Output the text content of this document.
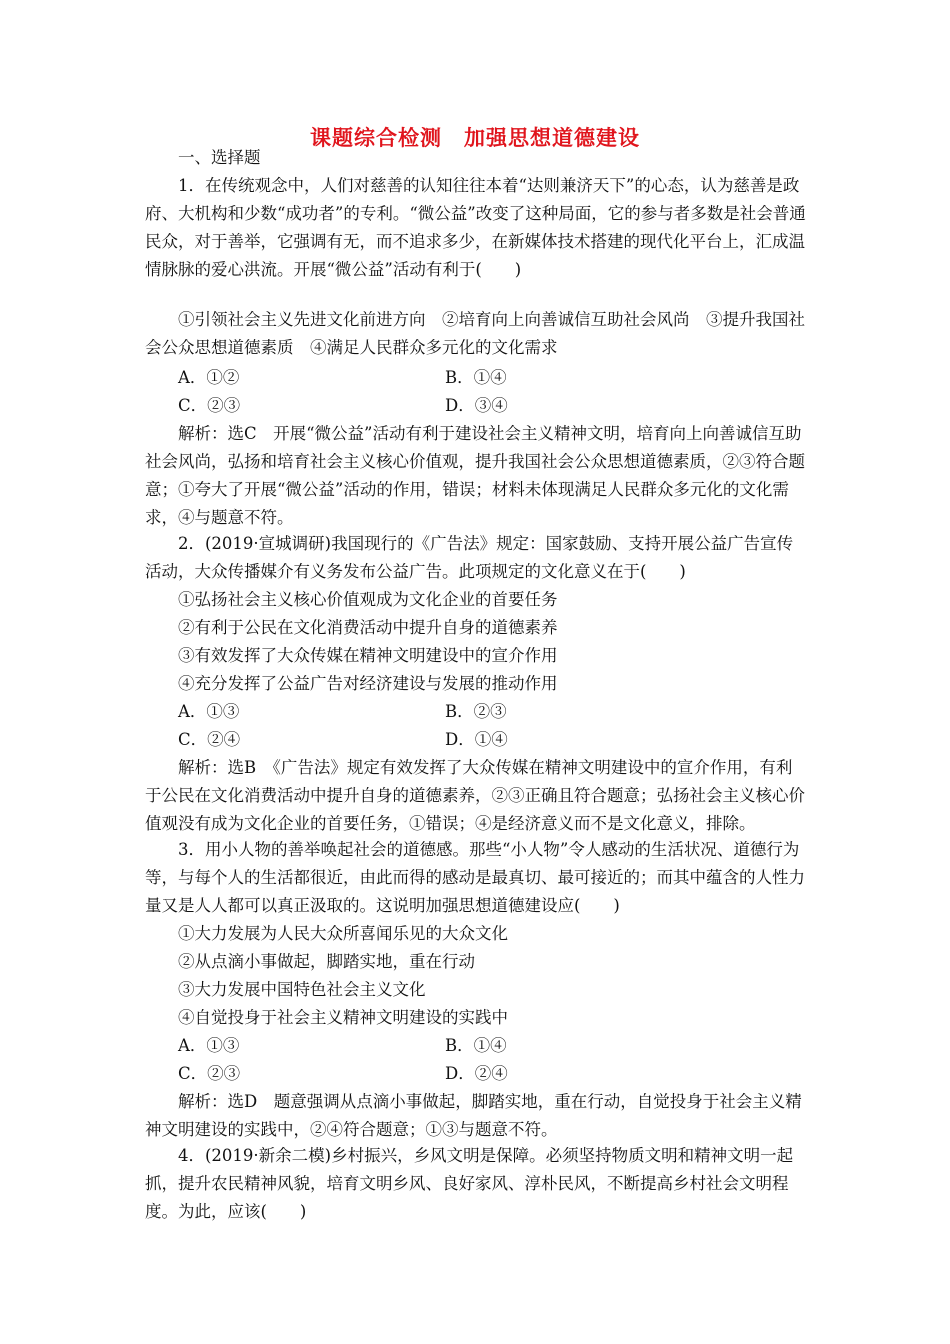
课题综合检测　加强思想道德建设
一、选择题
1．在传统观念中，人们对慈善的认知往往本着“达则兼济天下”的心态，认为慈善是政府、大机构和少数“成功者”的专利。“微公益”改变了这种局面，它的参与者多数是社会普通民众，对于善举，它强调有无，而不追求多少，在新媒体技术搭建的现代化平台上，汇成温情脉脉的爱心洪流。开展“微公益”活动有利于(　　)
①引领社会主义先进文化前进方向　②培育向上向善诚信互助社会风尚　③提升我国社会公众思想道德素质　④满足人民群众多元化的文化需求
A．①②	B．①④
C．②③	D．③④
解析：选C　开展“微公益”活动有利于建设社会主义精神文明，培育向上向善诚信互助社会风尚，弘扬和培育社会主义核心价值观，提升我国社会公众思想道德素质，②③符合题意；①夸大了开展“微公益”活动的作用，错误；材料未体现满足人民群众多元化的文化需求，④与题意不符。
2．(2019·宣城调研)我国现行的《广告法》规定：国家鼓励、支持开展公益广告宣传活动，大众传播媒介有义务发布公益广告。此项规定的文化意义在于(　　)
①弘扬社会主义核心价值观成为文化企业的首要任务
②有利于公民在文化消费活动中提升自身的道德素养
③有效发挥了大众传媒在精神文明建设中的宣介作用
④充分发挥了公益广告对经济建设与发展的推动作用
A．①③	B．②③
C．②④	D．①④
解析：选B　《广告法》规定有效发挥了大众传媒在精神文明建设中的宣介作用，有利于公民在文化消费活动中提升自身的道德素养，②③正确且符合题意；弘扬社会主义核心价值观没有成为文化企业的首要任务，①错误；④是经济意义而不是文化意义，排除。
3．用小人物的善举唤起社会的道德感。那些“小人物”令人感动的生活状况、道德行为等，与每个人的生活都很近，由此而得的感动是最真切、最可接近的；而其中蕴含的人性力量又是人人都可以真正汲取的。这说明加强思想道德建设应(　　)
①大力发展为人民大众所喜闻乐见的大众文化
②从点滴小事做起，脚踏实地，重在行动
③大力发展中国特色社会主义文化
④自觉投身于社会主义精神文明建设的实践中
A．①③	B．①④
C．②③	D．②④
解析：选D　题意强调从点滴小事做起，脚踏实地，重在行动，自觉投身于社会主义精神文明建设的实践中，②④符合题意；①③与题意不符。
4．(2019·新余二模)乡村振兴，乡风文明是保障。必须坚持物质文明和精神文明一起抓，提升农民精神风貌，培育文明乡风、良好家风、淳朴民风，不断提高乡村社会文明程度。为此，应该(　　)
